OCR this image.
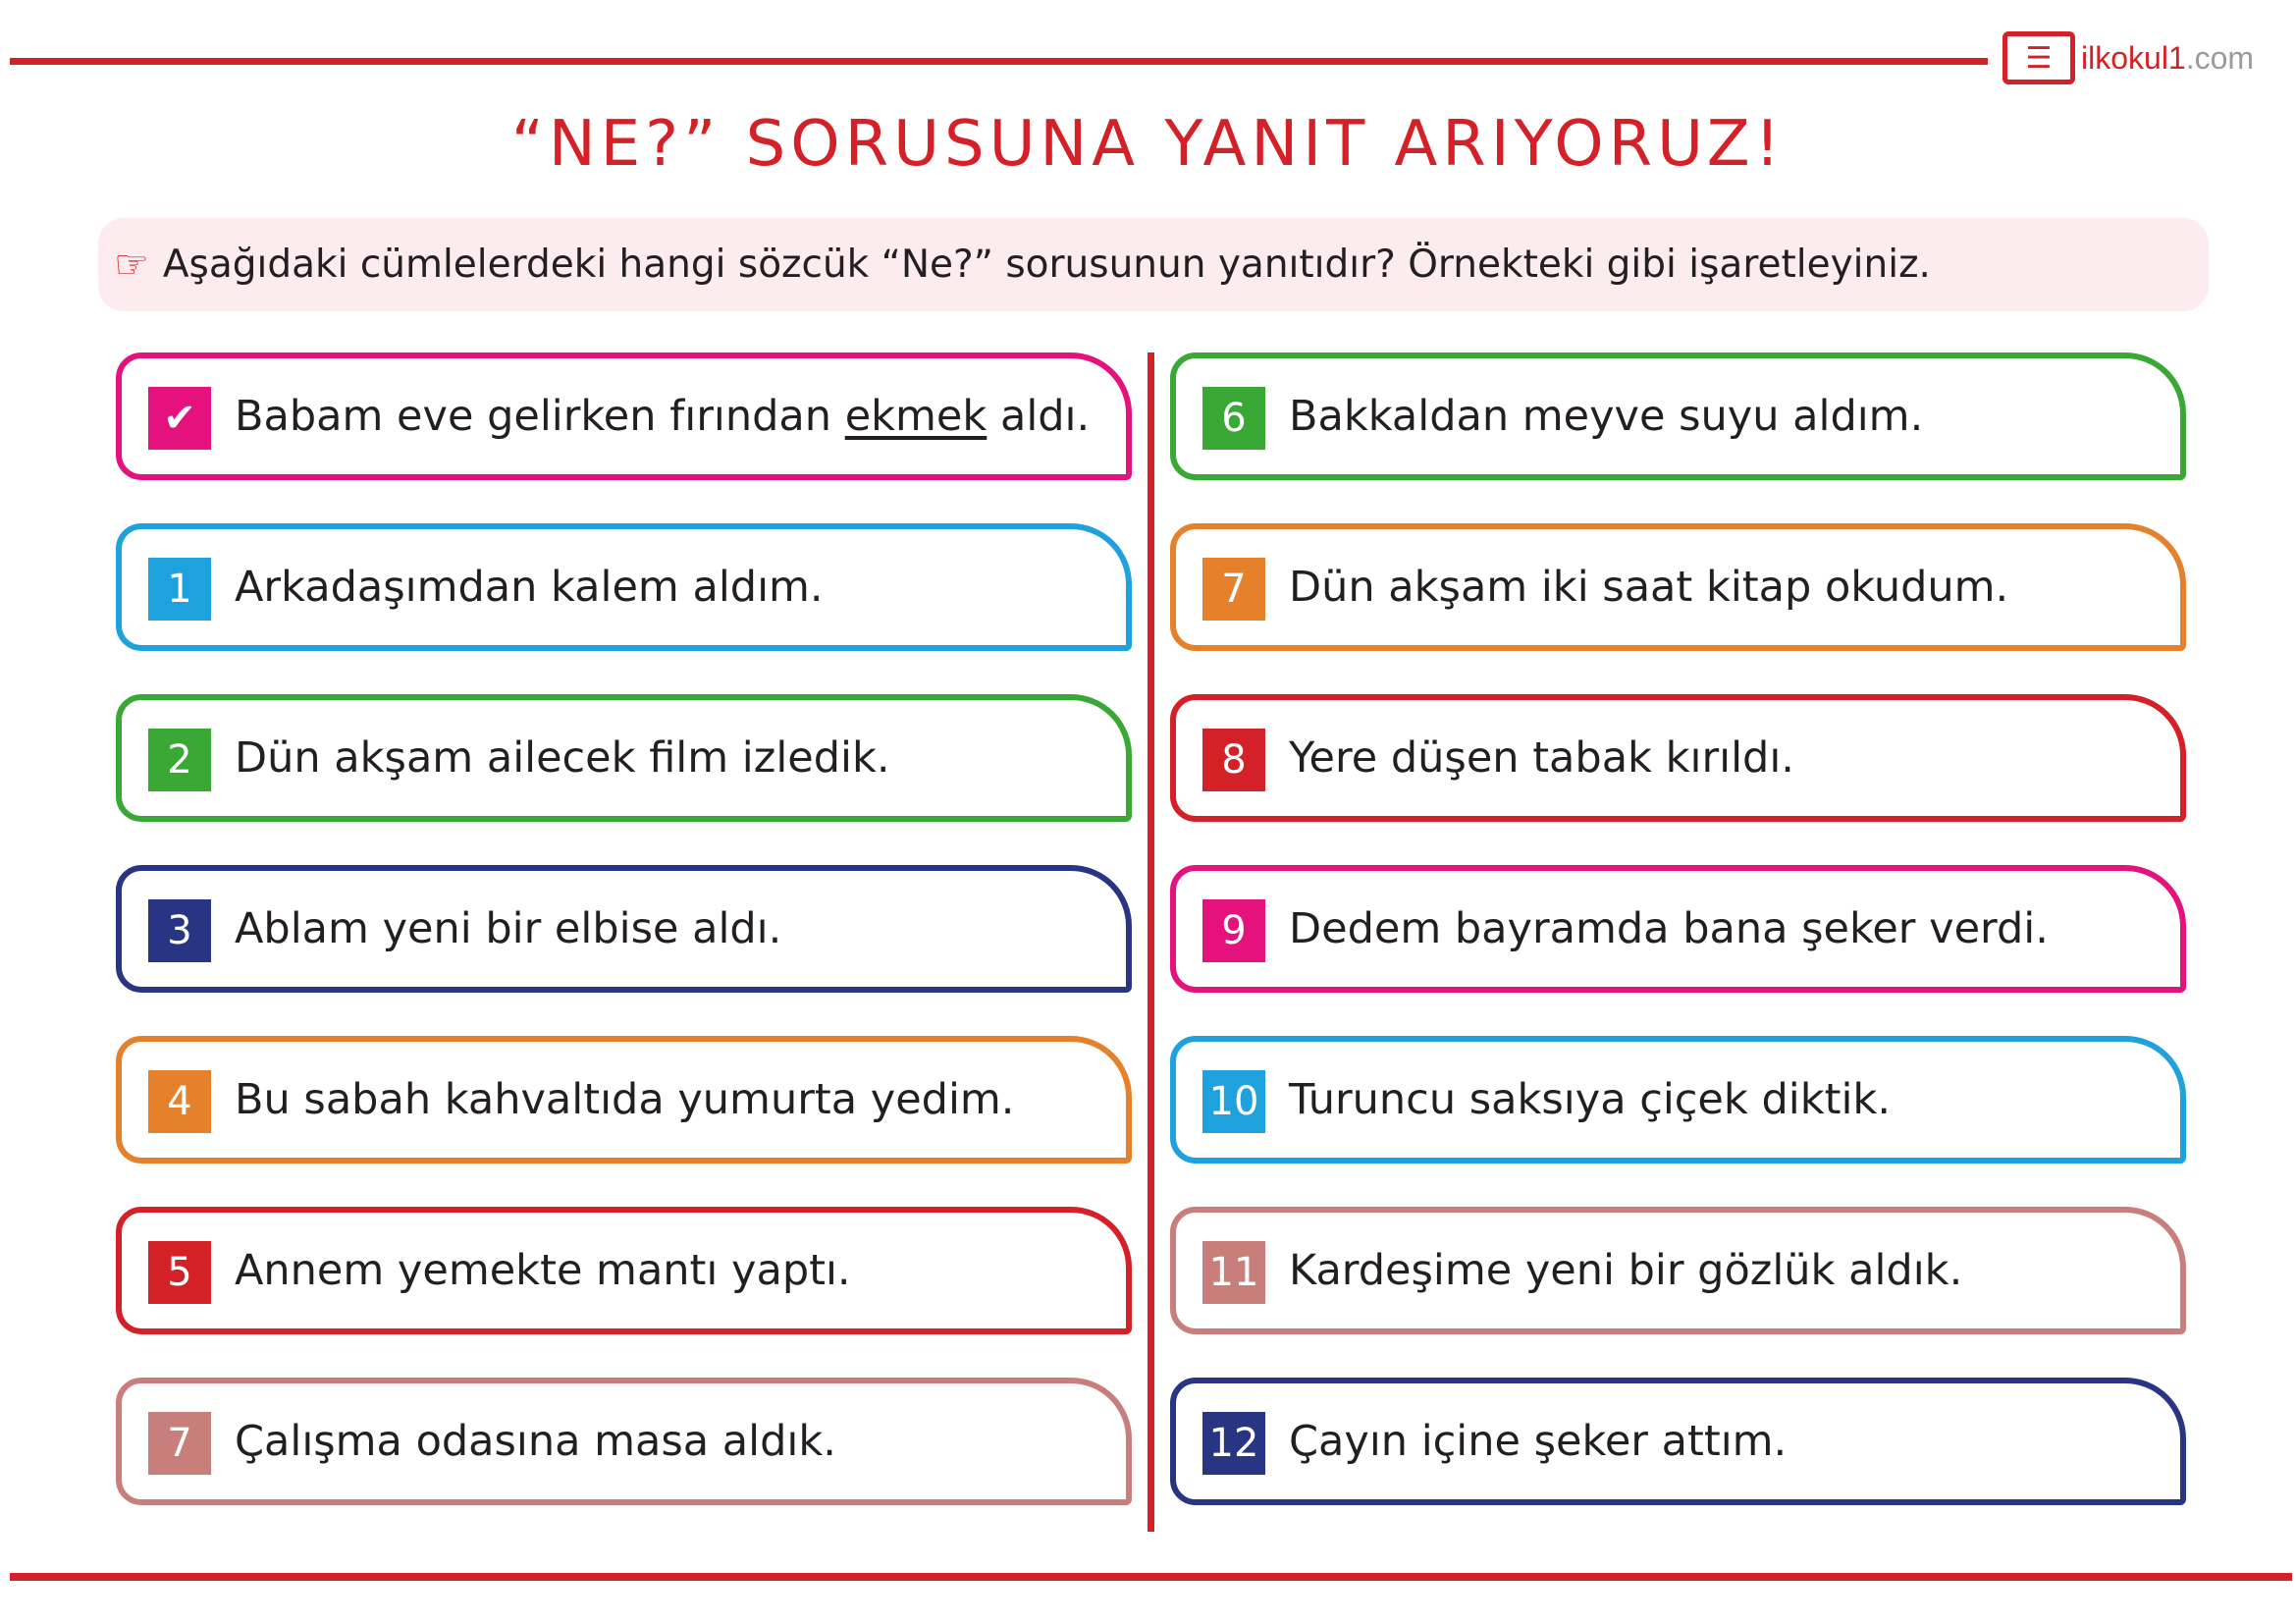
☰ ilkokul1.com
“NE?” SORUSUNA YANIT ARIYORUZ!
☞ Aşağıdaki cümlelerdeki hangi sözcük “Ne?” sorusunun yanıtıdır? Örnekteki gibi işaretleyiniz.
✔ Babam eve gelirken fırından ekmek aldı.
1	Arkadaşımdan kalem aldım.
2	Dün akşam ailecek film izledik.
3	Ablam yeni bir elbise aldı.
4	Bu sabah kahvaltıda yumurta yedim.
5	Annem yemekte mantı yaptı.
7	Çalışma odasına masa aldık.
6	Bakkaldan meyve suyu aldım.
7	Dün akşam iki saat kitap okudum.
8	Yere düşen tabak kırıldı.
9	Dedem bayramda bana şeker verdi.
10 Turuncu saksıya çiçek diktik.
11 Kardeşime yeni bir gözlük aldık.
12 Çayın içine şeker attım.
